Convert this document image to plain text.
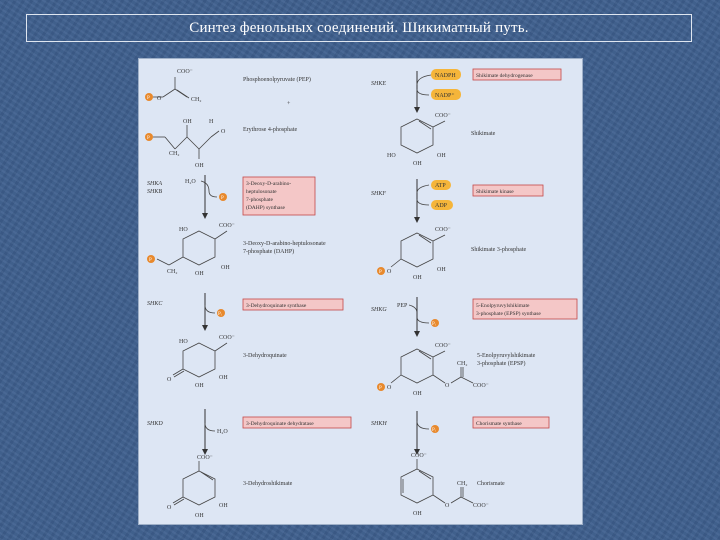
Синтез фенольных соединений. Шикиматный путь.
COO⁻
O	CH₂
P
Phosphoenolpyruvate (PEP)
+
P
CH₂
OH
OH
H
O	Erythrose 4-phosphate
SHKA
SHKB
H₂O
P
3-Deoxy-D-arabino-
heptulosonate
7-phosphate
(DAHP) synthase
HO
COO⁻
OH
OH
CH₂
P
3-Deoxy-D-arabino-heptulosonate
7-phosphate (DAHP)
SHKC
Pᵢ
3-Dehydroquinate synthase
HO
COO⁻
O
OH
OH
3-Dehydroquinate
SHKD
H₂O
3-Dehydroquinate dehydratase
COO⁻
O
OH
OH
3-Dehydroshikimate
SHKE
NADPH
NADP⁺
Shikimate dehydrogenase
COO⁻
HO
OH
OH
Shikimate
SHKF
ATP
ADP
Shikimate kinase
COO⁻
P O
OH
OH
Shikimate 3-phosphate
SHKG
PEP
Pᵢ
5-Enolpyruvylshikimate
3-phosphate (EPSP) synthase
COO⁻
P O
OH
O
CH₂
COO⁻
5-Enolpyruvylshikimate
3-phosphate (EPSP)
SHKH
Pᵢ
Chorismate synthase
COO⁻
OH
O
CH₂
COO⁻
Chorismate
